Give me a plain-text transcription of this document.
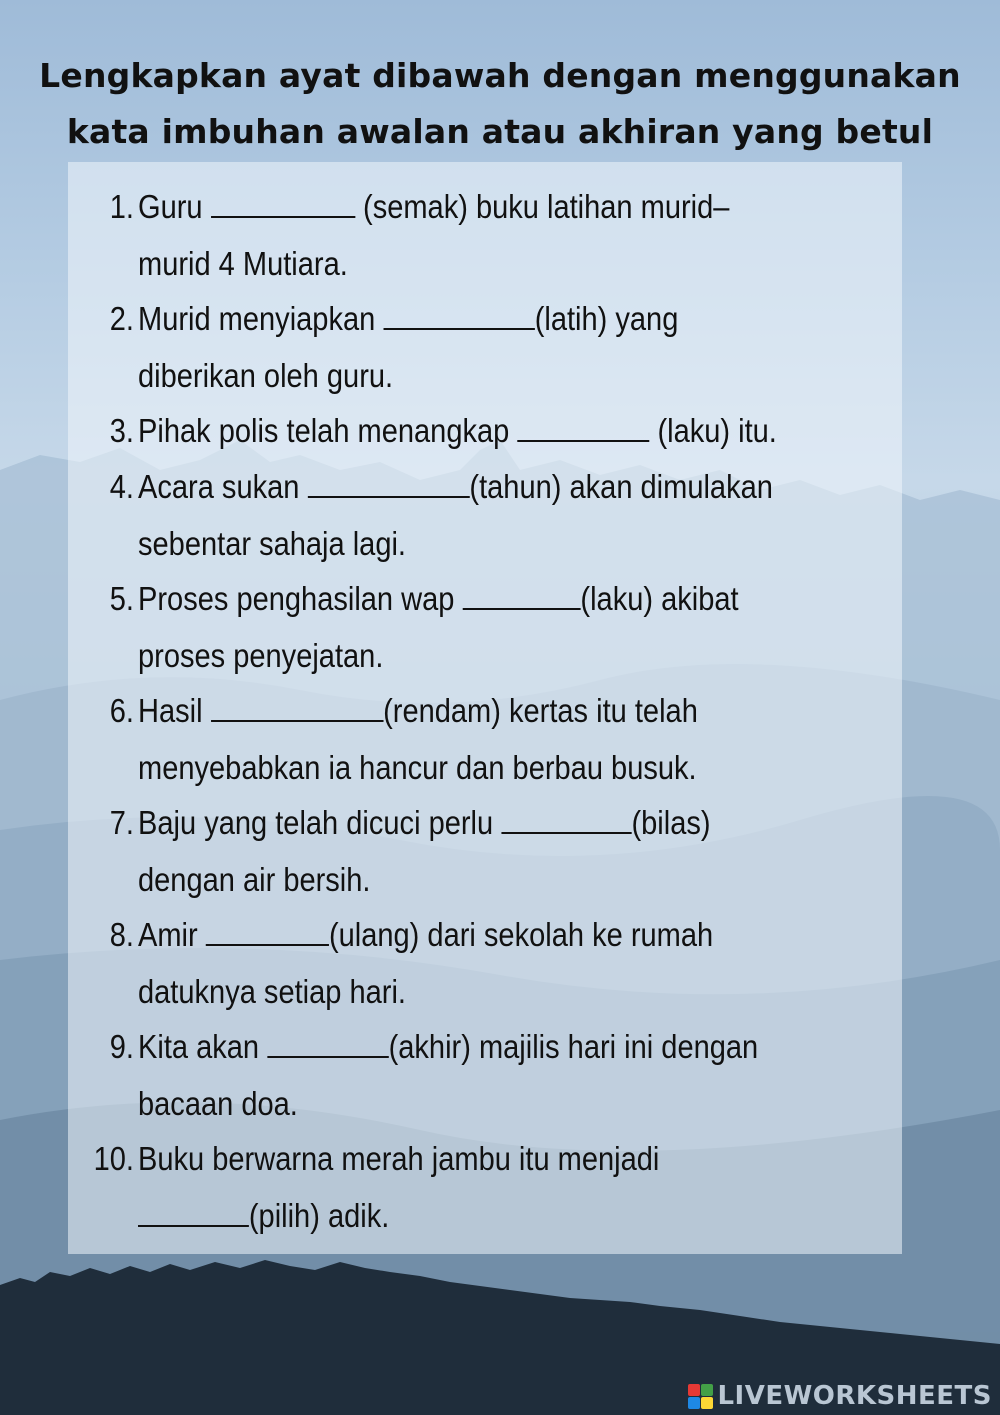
Lengkapkan ayat dibawah dengan menggunakan
kata imbuhan awalan atau akhiran yang betul
1. Guru	(semak) buku latihan murid–
murid 4 Mutiara.
2. Murid menyiapkan	(latih) yang
diberikan oleh guru.
3. Pihak polis telah menangkap	(laku) itu.
4. Acara sukan	(tahun) akan dimulakan
sebentar sahaja lagi.
5. Proses penghasilan wap	(laku) akibat
proses penyejatan.
6. Hasil	(rendam) kertas itu telah
menyebabkan ia hancur dan berbau busuk.
7. Baju yang telah dicuci perlu	(bilas)
dengan air bersih.
8. Amir	(ulang) dari sekolah ke rumah
datuknya setiap hari.
9. Kita akan	(akhir) majilis hari ini dengan
bacaan doa.
10. Buku berwarna merah jambu itu menjadi
(pilih) adik.
LIVEWORKSHEETS
